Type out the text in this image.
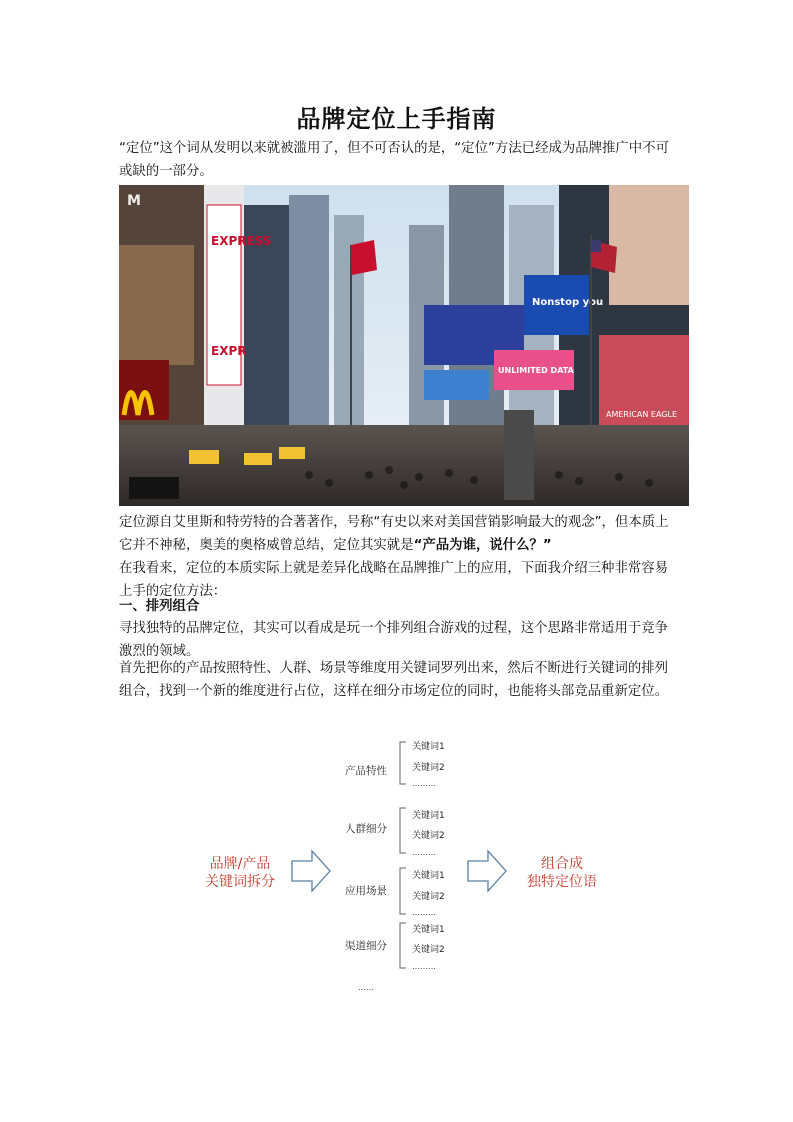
品牌定位上手指南

“定位”这个词从发明以来就被滥用了，但不可否认的是，“定位”方法已经成为品牌推广中不可或缺的一部分。

EXPRESS
EXPR
Nonstop you
UNLIMITED DATA
AMERICAN EAGLE
M

定位源自艾里斯和特劳特的合著著作，号称“有史以来对美国营销影响最大的观念”，但本质上它并不神秘，奥美的奥格威曾总结，定位其实就是“产品为谁，说什么？”

在我看来，定位的本质实际上就是差异化战略在品牌推广上的应用，下面我介绍三种非常容易上手的定位方法：

一、排列组合

寻找独特的品牌定位，其实可以看成是玩一个排列组合游戏的过程，这个思路非常适用于竞争激烈的领域。

首先把你的产品按照特性、人群、场景等维度用关键词罗列出来，然后不断进行关键词的排列组合，找到一个新的维度进行占位，这样在细分市场定位的同时，也能将头部竞品重新定位。

品牌/产品
关键词拆分
产品特性
关键词1
关键词2
………
人群细分
关键词1
关键词2
………
应用场景
关键词1
关键词2
………
渠道细分
关键词1
关键词2
………
……
组合成
独特定位语
